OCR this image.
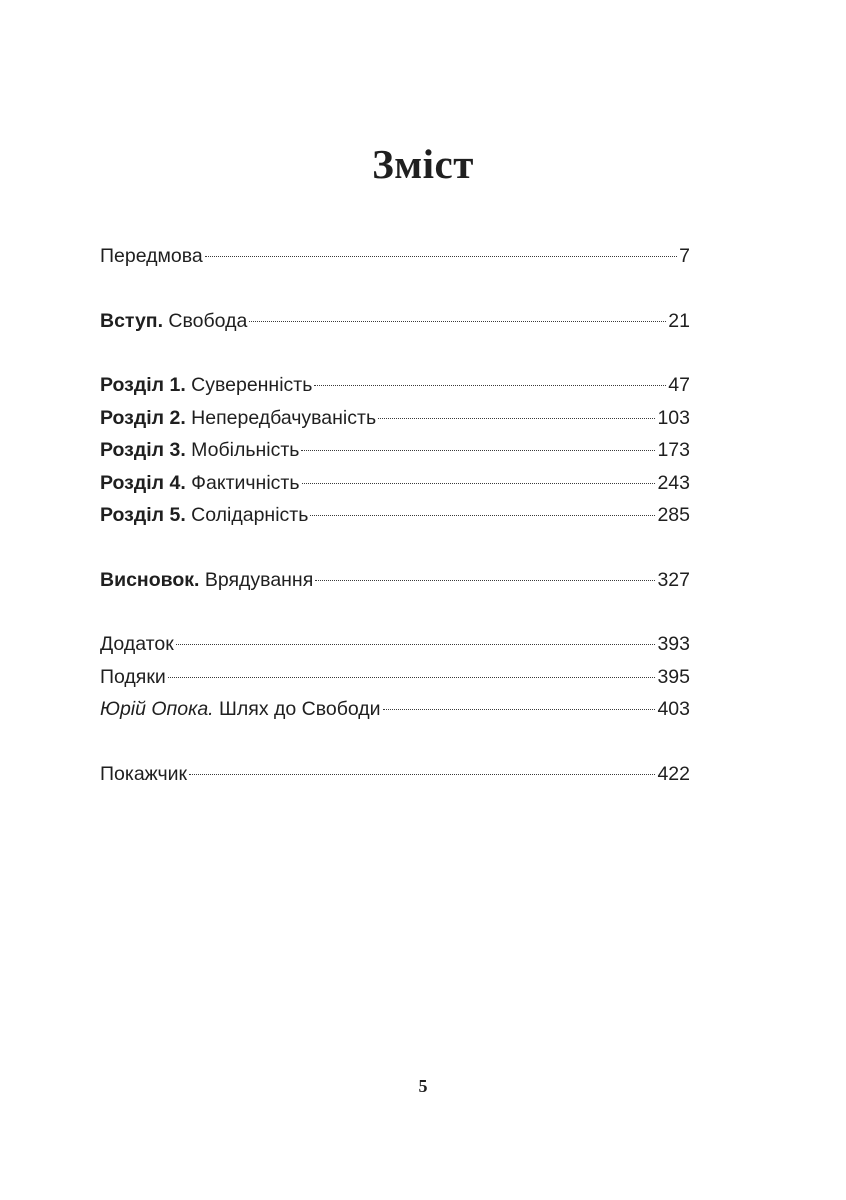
Зміст
Передмова	7
Вступ. Свобода	21
Розділ 1. Суверенність	47
Розділ 2. Непередбачуваність	103
Розділ 3. Мобільність	173
Розділ 4. Фактичність	243
Розділ 5. Солідарність	285
Висновок. Врядування	327
Додаток	393
Подяки	395
Юрій Опока. Шлях до Свободи	403
Покажчик	422
5
